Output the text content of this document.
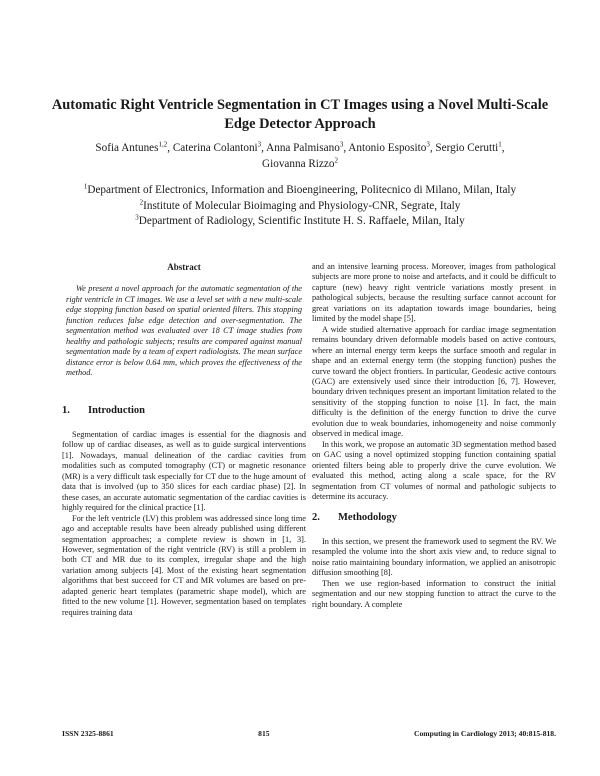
Automatic Right Ventricle Segmentation in CT Images using a Novel Multi-Scale Edge Detector Approach
Sofia Antunes$^{1,2}$, Caterina Colantoni$^3$, Anna Palmisano$^3$, Antonio Esposito$^3$, Sergio Cerutti$^1$,
Giovanna Rizzo$^2$
$^1$Department of Electronics, Information and Bioengineering, Politecnico di Milano, Milan, Italy
$^2$Institute of Molecular Bioimaging and Physiology-CNR, Segrate, Italy
$^3$Department of Radiology, Scientific Institute H. S. Raffaele, Milan, Italy
Abstract

We present a novel approach for the automatic segmentation of the right ventricle in CT images. We use a level set with a new multi-scale edge stopping function based on spatial oriented filters. This stopping function reduces false edge detection and over-segmentation. The segmentation method was evaluated over 18 CT image studies from healthy and pathologic subjects; results are compared against manual segmentation made by a team of expert radiologists. The mean surface distance error is below 0.64 mm, which proves the effectiveness of the method.

1.	Introduction

Segmentation of cardiac images is essential for the diagnosis and follow up of cardiac diseases, as well as to guide surgical interventions [1]. Nowadays, manual delineation of the cardiac cavities from modalities such as computed tomography (CT) or magnetic resonance (MR) is a very difficult task especially for CT due to the huge amount of data that is involved (up to 350 slices for each cardiac phase) [2]. In these cases, an accurate automatic segmentation of the cardiac cavities is highly required for the clinical practice [1].

For the left ventricle (LV) this problem was addressed since long time ago and acceptable results have been already published using different segmentation approaches; a complete review is shown in [1, 3]. However, segmentation of the right ventricle (RV) is still a problem in both CT and MR due to its complex, irregular shape and the high variation among subjects [4]. Most of the existing heart segmentation algorithms that best succeed for CT and MR volumes are based on pre-adapted generic heart templates (parametric shape model), which are fitted to the new volume [1]. However, segmentation based on templates requires training data

and an intensive learning process. Moreover, images from pathological subjects are more prone to noise and artefacts, and it could be difficult to capture (new) heavy right ventricle variations mostly present in pathological subjects, because the resulting surface cannot account for great variations on its adaptation towards image boundaries, being limited by the model shape [5].

A wide studied alternative approach for cardiac image segmentation remains boundary driven deformable models based on active contours, where an internal energy term keeps the surface smooth and regular in shape and an external energy term (the stopping function) pushes the curve toward the object frontiers. In particular, Geodesic active contours (GAC) are extensively used since their introduction [6, 7]. However, boundary driven techniques present an important limitation related to the sensitivity of the stopping function to noise [1]. In fact, the main difficulty is the definition of the energy function to drive the curve evolution due to weak boundaries, inhomogeneity and noise commonly observed in medical image.

In this work, we propose an automatic 3D segmentation method based on GAC using a novel optimized stopping function containing spatial oriented filters being able to properly drive the curve evolution. We evaluated this method, acting along a scale space, for the RV segmentation from CT volumes of normal and pathologic subjects to determine its accuracy.

2.	Methodology

In this section, we present the framework used to segment the RV. We resampled the volume into the short axis view and, to reduce signal to noise ratio maintaining boundary information, we applied an anisotropic diffusion smoothing [8].

Then we use region-based information to construct the initial segmentation and our new stopping function to attract the curve to the right boundary. A complete

ISSN 2325-8861	815	Computing in Cardiology 2013; 40:815-818.
